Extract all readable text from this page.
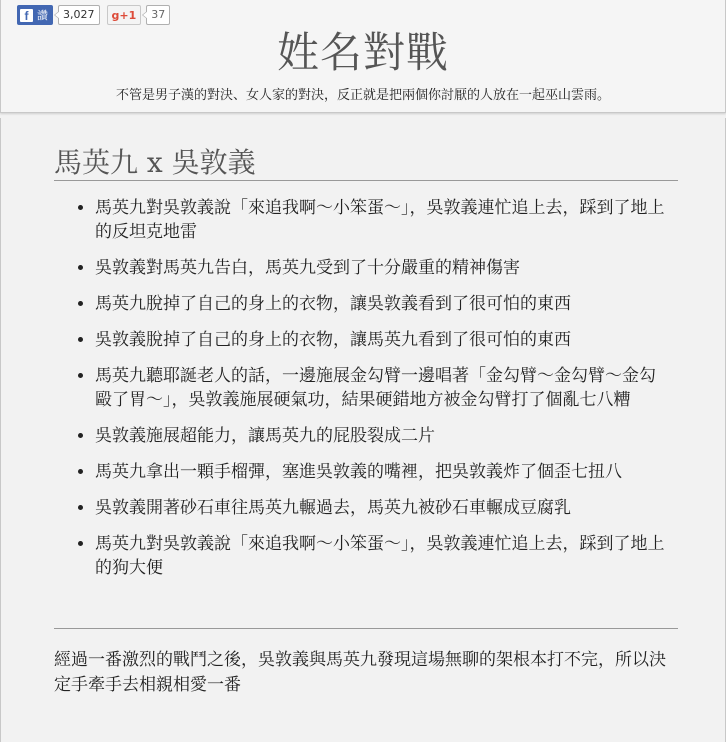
f 讚	3,027	g+1	37
姓名對戰
不管是男子漢的對決、女人家的對決，反正就是把兩個你討厭的人放在一起巫山雲雨。
馬英九 x 吳敦義
• 馬英九對吳敦義說「來追我啊～小笨蛋～」，吳敦義連忙追上去，踩到了地上的反坦克地雷
• 吳敦義對馬英九告白，馬英九受到了十分嚴重的精神傷害
• 馬英九脫掉了自己的身上的衣物，讓吳敦義看到了很可怕的東西
• 吳敦義脫掉了自己的身上的衣物，讓馬英九看到了很可怕的東西
• 馬英九聽耶誕老人的話，一邊施展金勾臂一邊唱著「金勾臂～金勾臂～金勾毆了胃～」，吳敦義施展硬氣功，結果硬錯地方被金勾臂打了個亂七八糟
• 吳敦義施展超能力，讓馬英九的屁股裂成二片
• 馬英九拿出一顆手榴彈，塞進吳敦義的嘴裡，把吳敦義炸了個歪七扭八
• 吳敦義開著砂石車往馬英九輾過去，馬英九被砂石車輾成豆腐乳
• 馬英九對吳敦義說「來追我啊～小笨蛋～」，吳敦義連忙追上去，踩到了地上的狗大便

經過一番激烈的戰鬥之後，吳敦義與馬英九發現這場無聊的架根本打不完，所以決定手牽手去相親相愛一番
